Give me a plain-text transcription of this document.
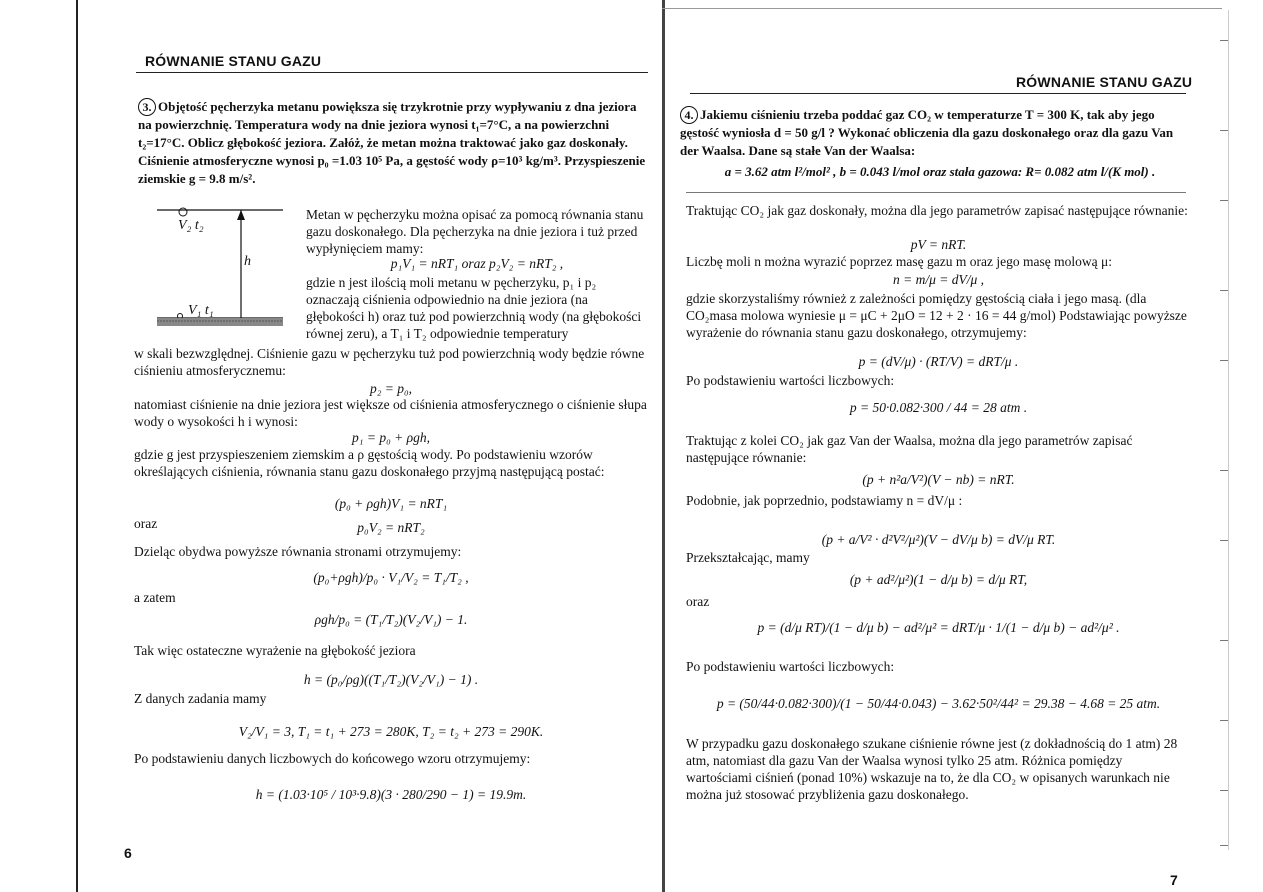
RÓWNANIE STANU GAZU
3. Objętość pęcherzyka metanu powiększa się trzykrotnie przy wypływaniu z dna jeziora na powierzchnię. Temperatura wody na dnie jeziora wynosi t₁=7°C, a na powierzchni t₂=17°C. Oblicz głębokość jeziora. Załóż, że metan można traktować jako gaz doskonały. Ciśnienie atmosferyczne wynosi p₀ =1.03 10⁵ Pa, a gęstość wody ρ=10³ kg/m³. Przyspieszenie ziemskie g = 9.8 m/s².
V₂ t₂
h
V₁ t₁
Metan w pęcherzyku można opisać za pomocą równania stanu gazu doskonałego. Dla pęcherzyka na dnie jeziora i tuż przed wypłynięciem mamy:
p₁V₁ = nRT₁ oraz p₂V₂ = nRT₂ ,
gdzie n jest ilością moli metanu w pęcherzyku, p₁ i p₂ oznaczają ciśnienia odpowiednio na dnie jeziora (na głębokości h) oraz tuż pod powierzchnią wody (na głębokości równej zeru), a T₁ i T₂ odpowiednie temperatury
w skali bezwzględnej. Ciśnienie gazu w pęcherzyku tuż pod powierzchnią wody będzie równe ciśnieniu atmosferycznemu:
p₂ = p₀,
natomiast ciśnienie na dnie jeziora jest większe od ciśnienia atmosferycznego o ciśnienie słupa wody o wysokości h i wynosi:
p₁ = p₀ + ρgh,
gdzie g jest przyspieszeniem ziemskim a ρ gęstością wody. Po podstawieniu wzorów określających ciśnienia, równania stanu gazu doskonałego przyjmą następującą postać:
(p₀ + ρgh)V₁ = nRT₁
oraz	p₀V₂ = nRT₂
Dzieląc obydwa powyższe równania stronami otrzymujemy:
(p₀+ρgh)/p₀ · V₁/V₂ = T₁/T₂ ,
a zatem
ρgh/p₀ = (T₁/T₂)(V₂/V₁) − 1.
Tak więc ostateczne wyrażenie na głębokość jeziora
h = (p₀/ρg)((T₁/T₂)(V₂/V₁) − 1) .
Z danych zadania mamy
V₂/V₁ = 3, T₁ = t₁ + 273 = 280K, T₂ = t₂ + 273 = 290K.
Po podstawieniu danych liczbowych do końcowego wzoru otrzymujemy:
h = (1.03·10⁵ / 10³·9.8)(3 · 280/290 − 1) = 19.9m.
6
RÓWNANIE STANU GAZU
4. Jakiemu ciśnieniu trzeba poddać gaz CO₂ w temperaturze T = 300 K, tak aby jego gęstość wyniosła d = 50 g/l ? Wykonać obliczenia dla gazu doskonałego oraz dla gazu Van der Waalsa. Dane są stałe Van der Waalsa:
a = 3.62 atm l²/mol² , b = 0.043 l/mol oraz stała gazowa: R= 0.082 atm l/(K mol) .
Traktując CO₂ jak gaz doskonały, można dla jego parametrów zapisać następujące równanie:
pV = nRT.
Liczbę moli n można wyrazić poprzez masę gazu m oraz jego masę molową μ:
n = m/μ = dV/μ ,
gdzie skorzystaliśmy również z zależności pomiędzy gęstością ciała i jego masą. (dla CO₂masa molowa wyniesie μ = μC + 2μO = 12 + 2 · 16 = 44 g/mol) Podstawiając powyższe wyrażenie do równania stanu gazu doskonałego, otrzymujemy:
p = (dV/μ) · (RT/V) = dRT/μ .
Po podstawieniu wartości liczbowych:
p = 50·0.082·300 / 44 = 28 atm .
Traktując z kolei CO₂ jak gaz Van der Waalsa, można dla jego parametrów zapisać następujące równanie:
(p + n²a/V²)(V − nb) = nRT.
Podobnie, jak poprzednio, podstawiamy n = dV/μ :
(p + a/V² · d²V²/μ²)(V − dV/μ b) = dV/μ RT.
Przekształcając, mamy
(p + ad²/μ²)(1 − d/μ b) = d/μ RT,
oraz
p = (d/μ RT)/(1 − d/μ b) − ad²/μ² = dRT/μ · 1/(1 − d/μ b) − ad²/μ² .
Po podstawieniu wartości liczbowych:
p = (50/44·0.082·300)/(1 − 50/44·0.043) − 3.62·50²/44² = 29.38 − 4.68 = 25 atm.
W przypadku gazu doskonałego szukane ciśnienie równe jest (z dokładnością do 1 atm) 28 atm, natomiast dla gazu Van der Waalsa wynosi tylko 25 atm. Różnica pomiędzy wartościami ciśnień (ponad 10%) wskazuje na to, że dla CO₂ w opisanych warunkach nie można już stosować przybliżenia gazu doskonałego.
7
